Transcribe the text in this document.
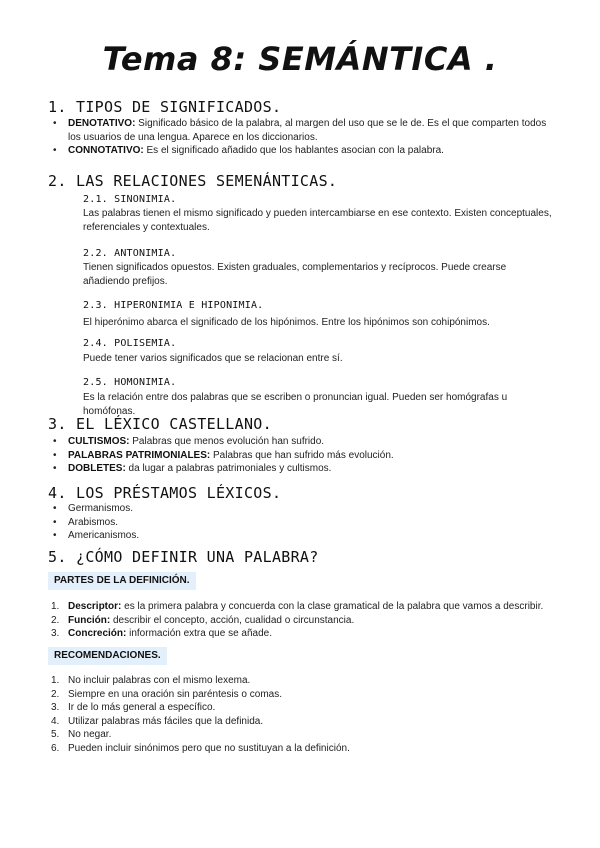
Tema 8: SEMÁNTICA .
1. TIPOS DE SIGNIFICADOS.
• DENOTATIVO: Significado básico de la palabra, al margen del uso que se le de. Es el que comparten todos los usuarios de una lengua. Aparece en los diccionarios.
• CONNOTATIVO: Es el significado añadido que los hablantes asocian con la palabra.
2. LAS RELACIONES SEMENÁNTICAS.
2.1. SINONIMIA.
Las palabras tienen el mismo significado y pueden intercambiarse en ese contexto. Existen conceptuales, referenciales y contextuales.
2.2. ANTONIMIA.
Tienen significados opuestos. Existen graduales, complementarios y recíprocos. Puede crearse añadiendo prefijos.
2.3. HIPERONIMIA E HIPONIMIA.
El hiperónimo abarca el significado de los hipónimos. Entre los hipónimos son cohipónimos.
2.4. POLISEMIA.
Puede tener varios significados que se relacionan entre sí.
2.5. HOMONIMIA.
Es la relación entre dos palabras que se escriben o pronuncian igual. Pueden ser homógrafas u homófonas.
3. EL LÉXICO CASTELLANO.
• CULTISMOS: Palabras que menos evolución han sufrido.
• PALABRAS PATRIMONIALES: Palabras que han sufrido más evolución.
• DOBLETES: da lugar a palabras patrimoniales y cultismos.
4. LOS PRÉSTAMOS LÉXICOS.
• Germanismos.
• Arabismos.
• Americanismos.
5. ¿CÓMO DEFINIR UNA PALABRA?
PARTES DE LA DEFINICIÓN.
1. Descriptor: es la primera palabra y concuerda con la clase gramatical de la palabra que vamos a describir.
2. Función: describir el concepto, acción, cualidad o circunstancia.
3. Concreción: información extra que se añade.
RECOMENDACIONES.
1. No incluir palabras con el mismo lexema.
2. Siempre en una oración sin paréntesis o comas.
3. Ir de lo más general a específico.
4. Utilizar palabras más fáciles que la definida.
5. No negar.
6. Pueden incluir sinónimos pero que no sustituyan a la definición.
